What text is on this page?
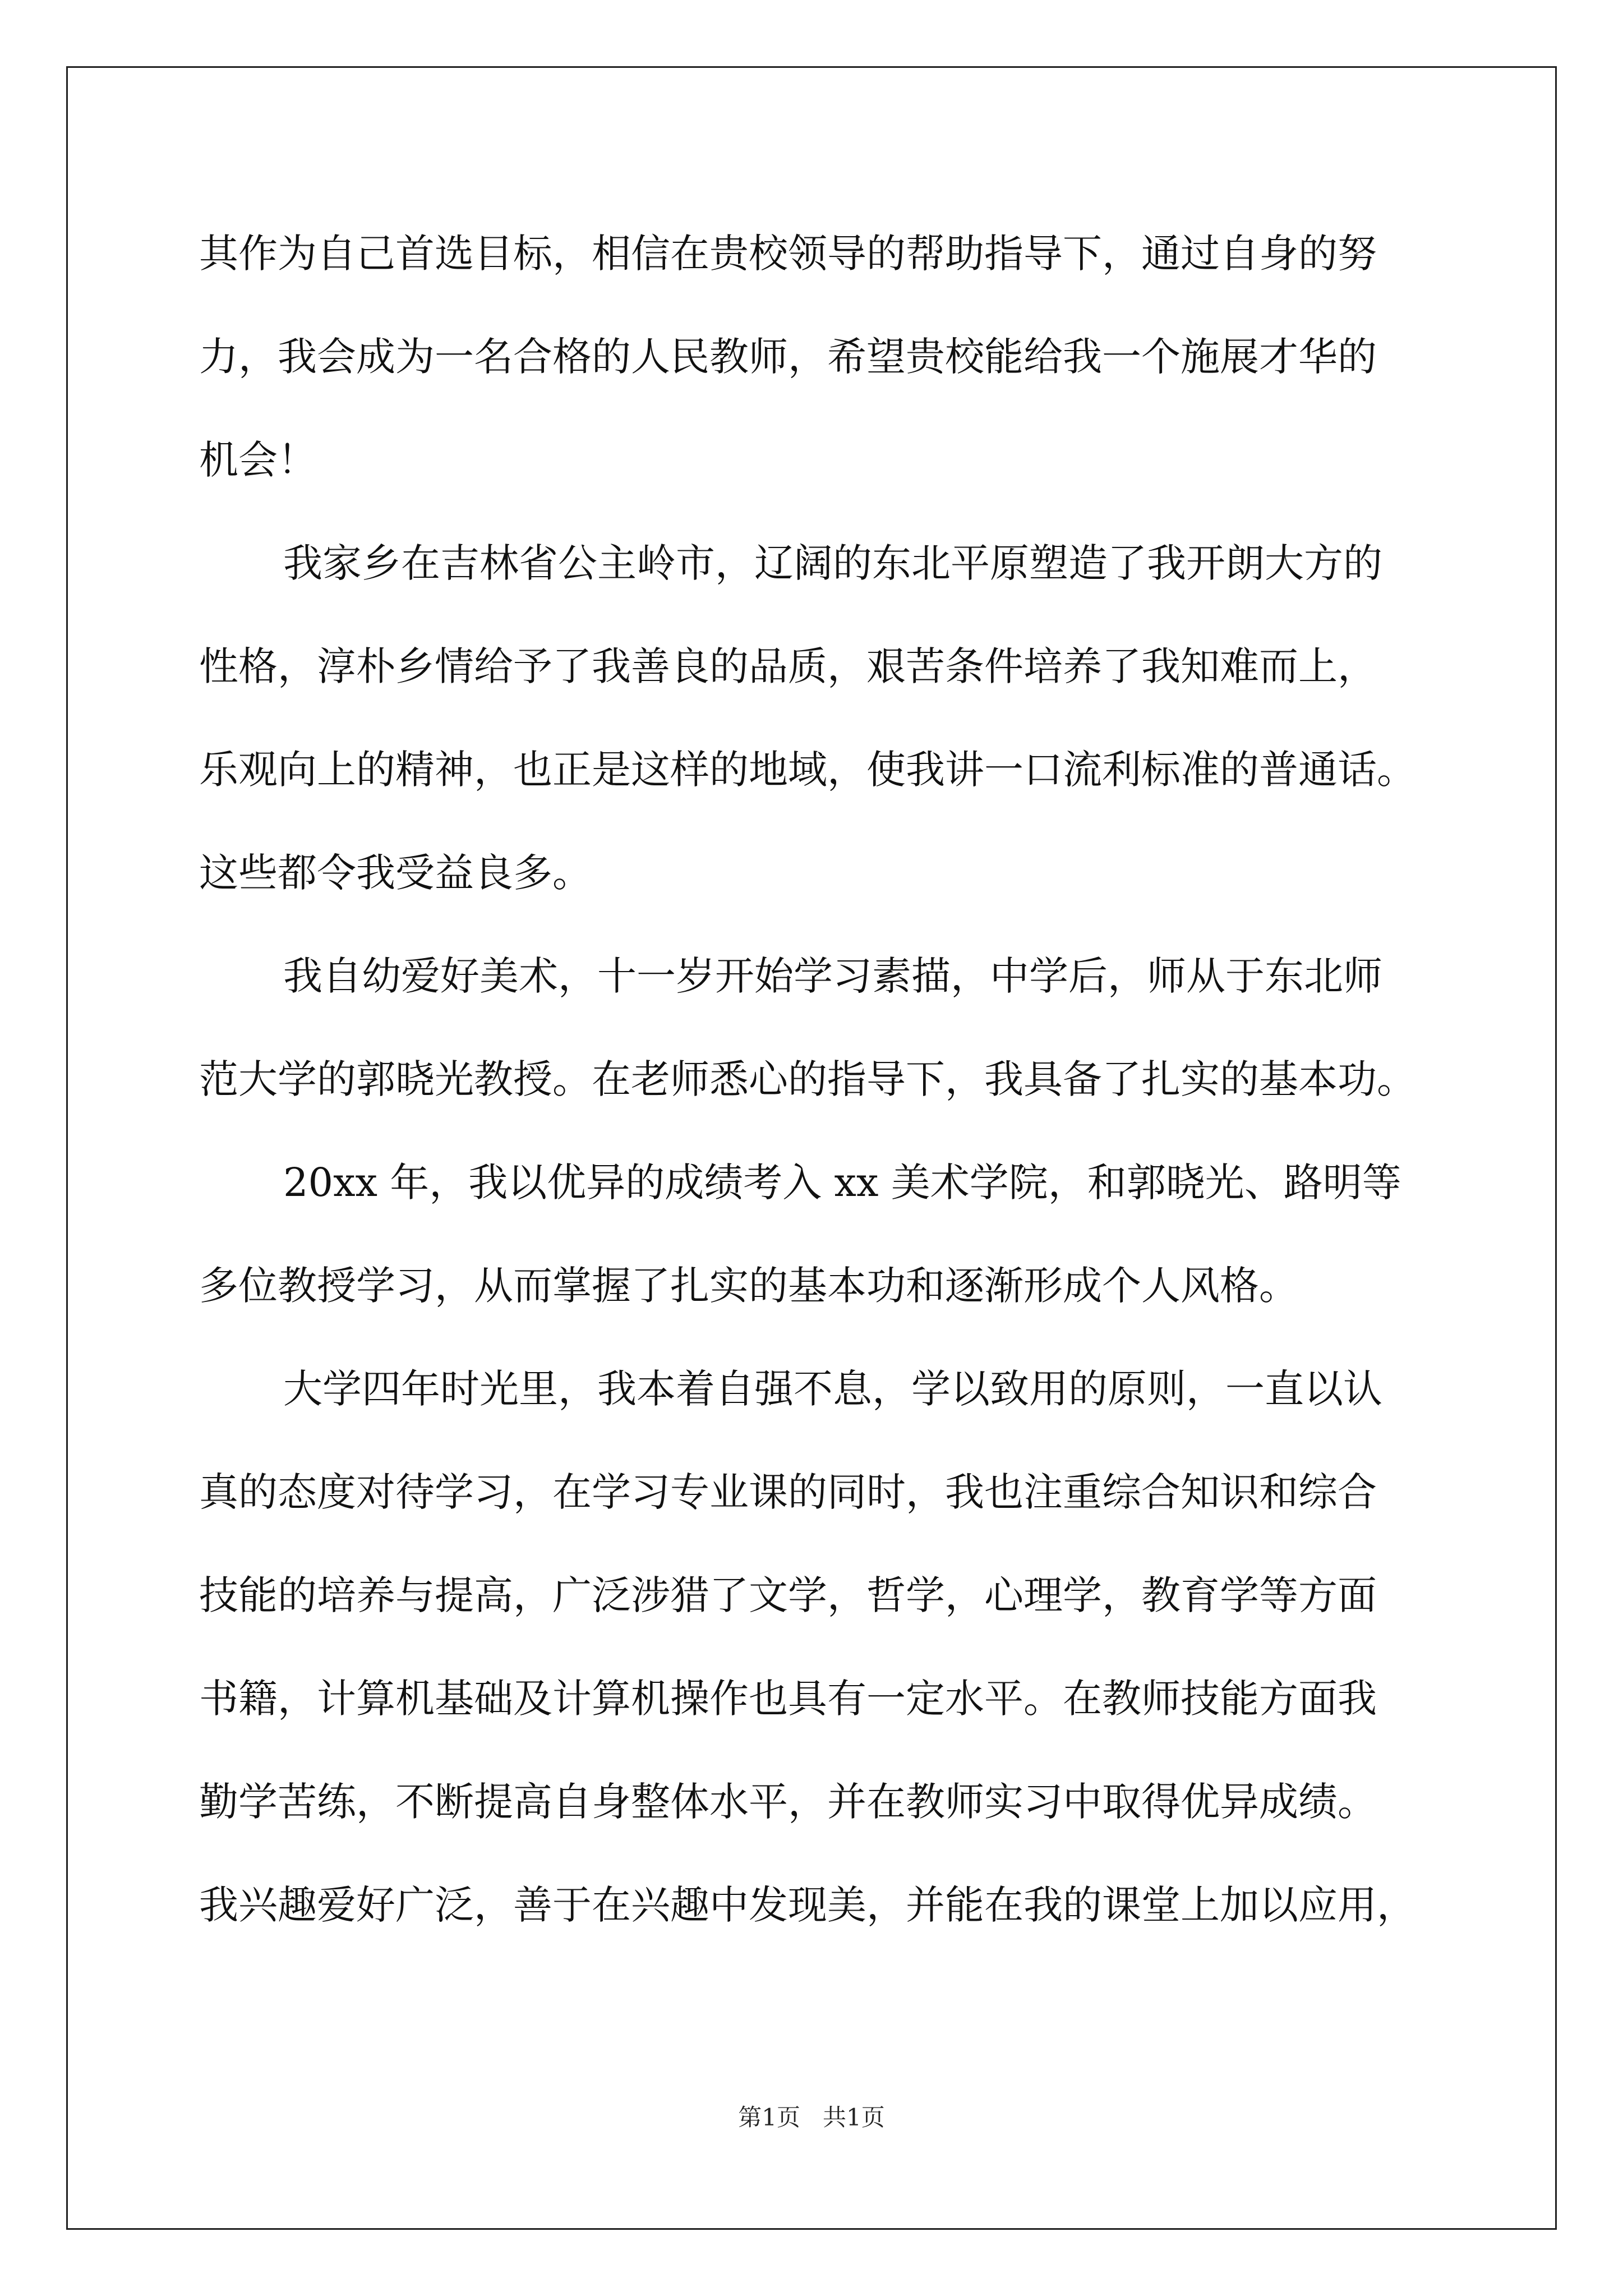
其作为自己首选目标，相信在贵校领导的帮助指导下，通过自身的努
力，我会成为一名合格的人民教师，希望贵校能给我一个施展才华的
机会！
我家乡在吉林省公主岭市，辽阔的东北平原塑造了我开朗大方的
性格，淳朴乡情给予了我善良的品质，艰苦条件培养了我知难而上，
乐观向上的精神，也正是这样的地域，使我讲一口流利标准的普通话。
这些都令我受益良多。
我自幼爱好美术，十一岁开始学习素描，中学后，师从于东北师
范大学的郭晓光教授。在老师悉心的指导下，我具备了扎实的基本功。
20xx 年，我以优异的成绩考入 xx 美术学院，和郭晓光、路明等
多位教授学习，从而掌握了扎实的基本功和逐渐形成个人风格。
大学四年时光里，我本着自强不息，学以致用的原则，一直以认
真的态度对待学习，在学习专业课的同时，我也注重综合知识和综合
技能的培养与提高，广泛涉猎了文学，哲学，心理学，教育学等方面
书籍，计算机基础及计算机操作也具有一定水平。在教师技能方面我
勤学苦练，不断提高自身整体水平，并在教师实习中取得优异成绩。
我兴趣爱好广泛，善于在兴趣中发现美，并能在我的课堂上加以应用，
第1页 共1页
